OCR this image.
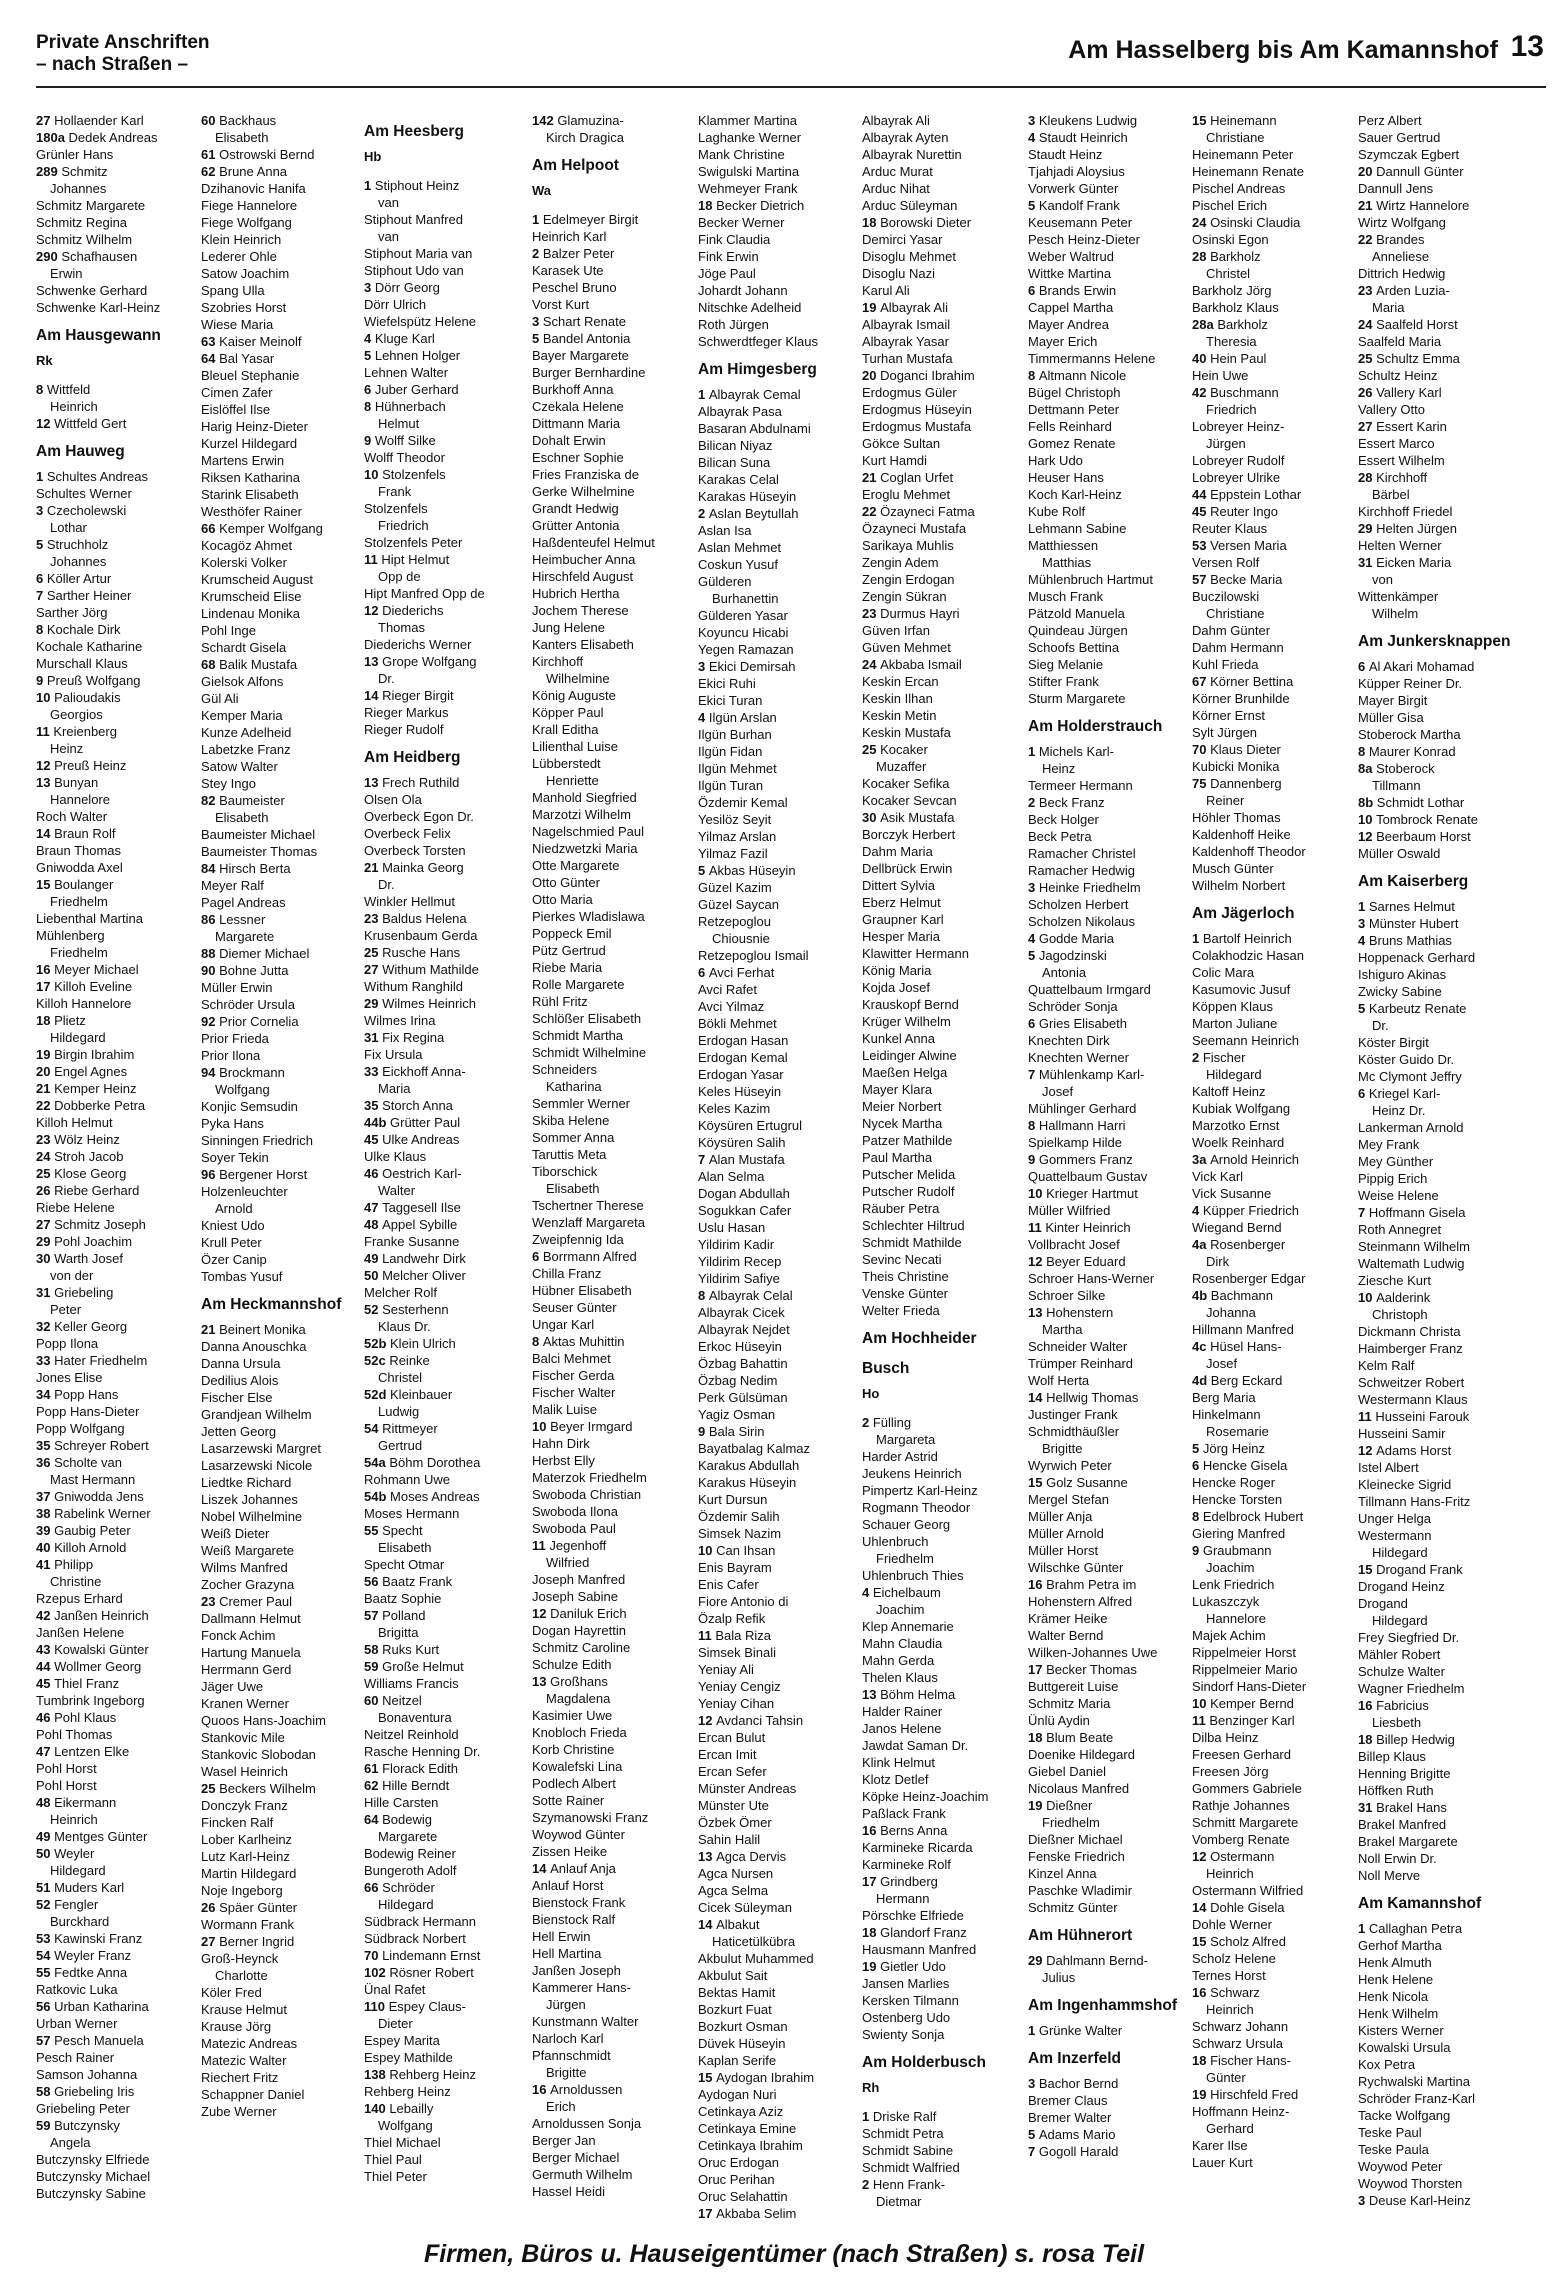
Private Anschriften
– nach Straßen –
Am Hasselberg bis Am Kamannshof 13
27 Hollaender Karl
180a Dedek Andreas
Grünler Hans
289 Schmitz
Johannes
Schmitz Margarete
Schmitz Regina
Schmitz Wilhelm
290 Schafhausen
Erwin
Schwenke Gerhard
Schwenke Karl-Heinz
Am Hausgewann
Rk
8 Wittfeld
Heinrich
12 Wittfeld Gert
Am Hauweg
1 Schultes Andreas
Schultes Werner
3 Czecholewski
Lothar
5 Struchholz
Johannes
6 Köller Artur
7 Sarther Heiner
Sarther Jörg
8 Kochale Dirk
Kochale Katharine
Murschall Klaus
9 Preuß Wolfgang
10 Palioudakis
Georgios
11 Kreienberg
Heinz
12 Preuß Heinz
13 Bunyan
Hannelore
Roch Walter
14 Braun Rolf
Braun Thomas
Gniwodda Axel
15 Boulanger
Friedhelm
Liebenthal Martina
Mühlenberg
Friedhelm
16 Meyer Michael
17 Killoh Eveline
Killoh Hannelore
18 Plietz
Hildegard
19 Birgin Ibrahim
20 Engel Agnes
21 Kemper Heinz
22 Dobberke Petra
Killoh Helmut
23 Wölz Heinz
24 Stroh Jacob
25 Klose Georg
26 Riebe Gerhard
Riebe Helene
27 Schmitz Joseph
29 Pohl Joachim
30 Warth Josef
von der
31 Griebeling
Peter
32 Keller Georg
Popp Ilona
33 Hater Friedhelm
Jones Elise
34 Popp Hans
Popp Hans-Dieter
Popp Wolfgang
35 Schreyer Robert
36 Scholte van
Mast Hermann
37 Gniwodda Jens
38 Rabelink Werner
39 Gaubig Peter
40 Killoh Arnold
41 Philipp
Christine
Rzepus Erhard
42 Janßen Heinrich
Janßen Helene
43 Kowalski Günter
44 Wollmer Georg
45 Thiel Franz
Tumbrink Ingeborg
46 Pohl Klaus
Pohl Thomas
47 Lentzen Elke
Pohl Horst
Pohl Horst
48 Eikermann
Heinrich
49 Mentges Günter
50 Weyler
Hildegard
51 Muders Karl
52 Fengler
Burckhard
53 Kawinski Franz
54 Weyler Franz
55 Fedtke Anna
Ratkovic Luka
56 Urban Katharina
Urban Werner
57 Pesch Manuela
Pesch Rainer
Samson Johanna
58 Griebeling Iris
Griebeling Peter
59 Butczynsky
Angela
Butczynsky Elfriede
Butczynsky Michael
Butczynsky Sabine
60 Backhaus
Elisabeth
61 Ostrowski Bernd
62 Brune Anna
Dzihanovic Hanifa
Fiege Hannelore
Fiege Wolfgang
Klein Heinrich
Lederer Ohle
Satow Joachim
Spang Ulla
Szobries Horst
Wiese Maria
63 Kaiser Meinolf
64 Bal Yasar
Bleuel Stephanie
Cimen Zafer
Eislöffel Ilse
Harig Heinz-Dieter
Kurzel Hildegard
Martens Erwin
Riksen Katharina
Starink Elisabeth
Westhöfer Rainer
66 Kemper Wolfgang
Kocagöz Ahmet
Kolerski Volker
Krumscheid August
Krumscheid Elise
Lindenau Monika
Pohl Inge
Schardt Gisela
68 Balik Mustafa
Gielsok Alfons
Gül Ali
Kemper Maria
Kunze Adelheid
Labetzke Franz
Satow Walter
Stey Ingo
82 Baumeister
Elisabeth
Baumeister Michael
Baumeister Thomas
84 Hirsch Berta
Meyer Ralf
Pagel Andreas
86 Lessner
Margarete
88 Diemer Michael
90 Bohne Jutta
Müller Erwin
Schröder Ursula
92 Prior Cornelia
Prior Frieda
Prior Ilona
94 Brockmann
Wolfgang
Konjic Semsudin
Pyka Hans
Sinningen Friedrich
Soyer Tekin
96 Bergener Horst
Holzenleuchter
Arnold
Kniest Udo
Krull Peter
Özer Canip
Tombas Yusuf
Am Heckmannshof
21 Beinert Monika
Danna Anouschka
Danna Ursula
Dedilius Alois
Fischer Else
Grandjean Wilhelm
Jetten Georg
Lasarzewski Margret
Lasarzewski Nicole
Liedtke Richard
Liszek Johannes
Nobel Wilhelmine
Weiß Dieter
Weiß Margarete
Wilms Manfred
Zocher Grazyna
23 Cremer Paul
Dallmann Helmut
Fonck Achim
Hartung Manuela
Herrmann Gerd
Jäger Uwe
Kranen Werner
Quoos Hans-Joachim
Stankovic Mile
Stankovic Slobodan
Wasel Heinrich
25 Beckers Wilhelm
Donczyk Franz
Fincken Ralf
Lober Karlheinz
Lutz Karl-Heinz
Martin Hildegard
Noje Ingeborg
26 Späer Günter
Wormann Frank
27 Berner Ingrid
Groß-Heynck
Charlotte
Köler Fred
Krause Helmut
Krause Jörg
Matezic Andreas
Matezic Walter
Riechert Fritz
Schappner Daniel
Zube Werner
Am Heesberg
Hb
1 Stiphout Heinz
van
Stiphout Manfred
van
Stiphout Maria van
Stiphout Udo van
3 Dörr Georg
Dörr Ulrich
Wiefelspütz Helene
4 Kluge Karl
5 Lehnen Holger
Lehnen Walter
6 Juber Gerhard
8 Hühnerbach
Helmut
9 Wolff Silke
Wolff Theodor
10 Stolzenfels
Frank
Stolzenfels
Friedrich
Stolzenfels Peter
11 Hipt Helmut
Opp de
Hipt Manfred Opp de
12 Diederichs
Thomas
Diederichs Werner
13 Grope Wolfgang
Dr.
14 Rieger Birgit
Rieger Markus
Rieger Rudolf
Am Heidberg
13 Frech Ruthild
Olsen Ola
Overbeck Egon Dr.
Overbeck Felix
Overbeck Torsten
21 Mainka Georg
Dr.
Winkler Hellmut
23 Baldus Helena
Krusenbaum Gerda
25 Rusche Hans
27 Withum Mathilde
Withum Ranghild
29 Wilmes Heinrich
Wilmes Irina
31 Fix Regina
Fix Ursula
33 Eickhoff Anna-
Maria
35 Storch Anna
44b Grütter Paul
45 Ulke Andreas
Ulke Klaus
46 Oestrich Karl-
Walter
47 Taggesell Ilse
48 Appel Sybille
Franke Susanne
49 Landwehr Dirk
50 Melcher Oliver
Melcher Rolf
52 Sesterhenn
Klaus Dr.
52b Klein Ulrich
52c Reinke
Christel
52d Kleinbauer
Ludwig
54 Rittmeyer
Gertrud
54a Böhm Dorothea
Rohmann Uwe
54b Moses Andreas
Moses Hermann
55 Specht
Elisabeth
Specht Otmar
56 Baatz Frank
Baatz Sophie
57 Polland
Brigitta
58 Ruks Kurt
59 Große Helmut
Williams Francis
60 Neitzel
Bonaventura
Neitzel Reinhold
Rasche Henning Dr.
61 Florack Edith
62 Hille Berndt
Hille Carsten
64 Bodewig
Margarete
Bodewig Reiner
Bungeroth Adolf
66 Schröder
Hildegard
Südbrack Hermann
Südbrack Norbert
70 Lindemann Ernst
102 Rösner Robert
Ünal Rafet
110 Espey Claus-
Dieter
Espey Marita
Espey Mathilde
138 Rehberg Heinz
Rehberg Heinz
140 Lebailly
Wolfgang
Thiel Michael
Thiel Paul
Thiel Peter
142 Glamuzina-
Kirch Dragica
Am Helpoot
Wa
1 Edelmeyer Birgit
Heinrich Karl
2 Balzer Peter
Karasek Ute
Peschel Bruno
Vorst Kurt
3 Schart Renate
5 Bandel Antonia
Bayer Margarete
Burger Bernhardine
Burkhoff Anna
Czekala Helene
Dittmann Maria
Dohalt Erwin
Eschner Sophie
Fries Franziska de
Gerke Wilhelmine
Grandt Hedwig
Grütter Antonia
Haßdenteufel Helmut
Heimbucher Anna
Hirschfeld August
Hubrich Hertha
Jochem Therese
Jung Helene
Kanters Elisabeth
Kirchhoff
Wilhelmine
König Auguste
Köpper Paul
Krall Editha
Lilienthal Luise
Lübberstedt
Henriette
Manhold Siegfried
Marzotzi Wilhelm
Nagelschmied Paul
Niedzwetzki Maria
Otte Margarete
Otto Günter
Otto Maria
Pierkes Wladislawa
Poppeck Emil
Pütz Gertrud
Riebe Maria
Rolle Margarete
Rühl Fritz
Schlößer Elisabeth
Schmidt Martha
Schmidt Wilhelmine
Schneiders
Katharina
Semmler Werner
Skiba Helene
Sommer Anna
Taruttis Meta
Tiborschick
Elisabeth
Tschertner Therese
Wenzlaff Margareta
Zweipfennig Ida
6 Borrmann Alfred
Chilla Franz
Hübner Elisabeth
Seuser Günter
Ungar Karl
8 Aktas Muhittin
Balci Mehmet
Fischer Gerda
Fischer Walter
Malik Luise
10 Beyer Irmgard
Hahn Dirk
Herbst Elly
Materzok Friedhelm
Swoboda Christian
Swoboda Ilona
Swoboda Paul
11 Jegenhoff
Wilfried
Joseph Manfred
Joseph Sabine
12 Daniluk Erich
Dogan Hayrettin
Schmitz Caroline
Schulze Edith
13 Großhans
Magdalena
Kasimier Uwe
Knobloch Frieda
Korb Christine
Kowalefski Lina
Podlech Albert
Sotte Rainer
Szymanowski Franz
Woywod Günter
Zissen Heike
14 Anlauf Anja
Anlauf Horst
Bienstock Frank
Bienstock Ralf
Hell Erwin
Hell Martina
Janßen Joseph
Kammerer Hans-
Jürgen
Kunstmann Walter
Narloch Karl
Pfannschmidt
Brigitte
16 Arnoldussen
Erich
Arnoldussen Sonja
Berger Jan
Berger Michael
Germuth Wilhelm
Hassel Heidi
Klammer Martina
Laghanke Werner
Mank Christine
Swigulski Martina
Wehmeyer Frank
18 Becker Dietrich
Becker Werner
Fink Claudia
Fink Erwin
Jöge Paul
Johardt Johann
Nitschke Adelheid
Roth Jürgen
Schwerdtfeger Klaus
Am Himgesberg
1 Albayrak Cemal
Albayrak Pasa
Basaran Abdulnami
Bilican Niyaz
Bilican Suna
Karakas Celal
Karakas Hüseyin
2 Aslan Beytullah
Aslan Isa
Aslan Mehmet
Coskun Yusuf
Gülderen
Burhanettin
Gülderen Yasar
Koyuncu Hicabi
Yegen Ramazan
3 Ekici Demirsah
Ekici Ruhi
Ekici Turan
4 Ilgün Arslan
Ilgün Burhan
Ilgün Fidan
Ilgün Mehmet
Ilgün Turan
Özdemir Kemal
Yesilöz Seyit
Yilmaz Arslan
Yilmaz Fazil
5 Akbas Hüseyin
Güzel Kazim
Güzel Saycan
Retzepoglou
Chiousnie
Retzepoglou Ismail
6 Avci Ferhat
Avci Rafet
Avci Yilmaz
Bökli Mehmet
Erdogan Hasan
Erdogan Kemal
Erdogan Yasar
Keles Hüseyin
Keles Kazim
Köysüren Ertugrul
Köysüren Salih
7 Alan Mustafa
Alan Selma
Dogan Abdullah
Sogukkan Cafer
Uslu Hasan
Yildirim Kadir
Yildirim Recep
Yildirim Safiye
8 Albayrak Celal
Albayrak Cicek
Albayrak Nejdet
Erkoc Hüseyin
Özbag Bahattin
Özbag Nedim
Perk Gülsüman
Yagiz Osman
9 Bala Sirin
Bayatbalag Kalmaz
Karakus Abdullah
Karakus Hüseyin
Kurt Dursun
Özdemir Salih
Simsek Nazim
10 Can Ihsan
Enis Bayram
Enis Cafer
Fiore Antonio di
Özalp Refik
11 Bala Riza
Simsek Binali
Yeniay Ali
Yeniay Cengiz
Yeniay Cihan
12 Avdanci Tahsin
Ercan Bulut
Ercan Imit
Ercan Sefer
Münster Andreas
Münster Ute
Özbek Ömer
Sahin Halil
13 Agca Dervis
Agca Nursen
Agca Selma
Cicek Süleyman
14 Albakut
Haticetülkübra
Akbulut Muhammed
Akbulut Sait
Bektas Hamit
Bozkurt Fuat
Bozkurt Osman
Düvek Hüseyin
Kaplan Serife
15 Aydogan Ibrahim
Aydogan Nuri
Cetinkaya Aziz
Cetinkaya Emine
Cetinkaya Ibrahim
Oruc Erdogan
Oruc Perihan
Oruc Selahattin
17 Akbaba Selim
Albayrak Ali
Albayrak Ayten
Albayrak Nurettin
Arduc Murat
Arduc Nihat
Arduc Süleyman
18 Borowski Dieter
Demirci Yasar
Disoglu Mehmet
Disoglu Nazi
Karul Ali
19 Albayrak Ali
Albayrak Ismail
Albayrak Yasar
Turhan Mustafa
20 Doganci Ibrahim
Erdogmus Güler
Erdogmus Hüseyin
Erdogmus Mustafa
Gökce Sultan
Kurt Hamdi
21 Coglan Urfet
Eroglu Mehmet
22 Özayneci Fatma
Özayneci Mustafa
Sarikaya Muhlis
Zengin Adem
Zengin Erdogan
Zengin Sükran
23 Durmus Hayri
Güven Irfan
Güven Mehmet
24 Akbaba Ismail
Keskin Ercan
Keskin Ilhan
Keskin Metin
Keskin Mustafa
25 Kocaker
Muzaffer
Kocaker Sefika
Kocaker Sevcan
30 Asik Mustafa
Borczyk Herbert
Dahm Maria
Dellbrück Erwin
Dittert Sylvia
Eberz Helmut
Graupner Karl
Hesper Maria
Klawitter Hermann
König Maria
Kojda Josef
Krauskopf Bernd
Krüger Wilhelm
Kunkel Anna
Leidinger Alwine
Maeßen Helga
Mayer Klara
Meier Norbert
Nycek Martha
Patzer Mathilde
Paul Martha
Putscher Melida
Putscher Rudolf
Räuber Petra
Schlechter Hiltrud
Schmidt Mathilde
Sevinc Necati
Theis Christine
Venske Günter
Welter Frieda
Am Hochheider
Busch
Ho
2 Fülling
Margareta
Harder Astrid
Jeukens Heinrich
Pimpertz Karl-Heinz
Rogmann Theodor
Schauer Georg
Uhlenbruch
Friedhelm
Uhlenbruch Thies
4 Eichelbaum
Joachim
Klep Annemarie
Mahn Claudia
Mahn Gerda
Thelen Klaus
13 Böhm Helma
Halder Rainer
Janos Helene
Jawdat Saman Dr.
Klink Helmut
Klotz Detlef
Köpke Heinz-Joachim
Paßlack Frank
16 Berns Anna
Karmineke Ricarda
Karmineke Rolf
17 Grindberg
Hermann
Pörschke Elfriede
18 Glandorf Franz
Hausmann Manfred
19 Gietler Udo
Jansen Marlies
Kersken Tilmann
Ostenberg Udo
Swienty Sonja
Am Holderbusch
Rh
1 Driske Ralf
Schmidt Petra
Schmidt Sabine
Schmidt Walfried
2 Henn Frank-
Dietmar
3 Kleukens Ludwig
4 Staudt Heinrich
Staudt Heinz
Tjahjadi Aloysius
Vorwerk Günter
5 Kandolf Frank
Keusemann Peter
Pesch Heinz-Dieter
Weber Waltrud
Wittke Martina
6 Brands Erwin
Cappel Martha
Mayer Andrea
Mayer Erich
Timmermanns Helene
8 Altmann Nicole
Bügel Christoph
Dettmann Peter
Fells Reinhard
Gomez Renate
Hark Udo
Heuser Hans
Koch Karl-Heinz
Kube Rolf
Lehmann Sabine
Matthiessen
Matthias
Mühlenbruch Hartmut
Musch Frank
Pätzold Manuela
Quindeau Jürgen
Schoofs Bettina
Sieg Melanie
Stifter Frank
Sturm Margarete
Am Holderstrauch
1 Michels Karl-
Heinz
Termeer Hermann
2 Beck Franz
Beck Holger
Beck Petra
Ramacher Christel
Ramacher Hedwig
3 Heinke Friedhelm
Scholzen Herbert
Scholzen Nikolaus
4 Godde Maria
5 Jagodzinski
Antonia
Quattelbaum Irmgard
Schröder Sonja
6 Gries Elisabeth
Knechten Dirk
Knechten Werner
7 Mühlenkamp Karl-
Josef
Mühlinger Gerhard
8 Hallmann Harri
Spielkamp Hilde
9 Gommers Franz
Quattelbaum Gustav
10 Krieger Hartmut
Müller Wilfried
11 Kinter Heinrich
Vollbracht Josef
12 Beyer Eduard
Schroer Hans-Werner
Schroer Silke
13 Hohenstern
Martha
Schneider Walter
Trümper Reinhard
Wolf Herta
14 Hellwig Thomas
Justinger Frank
Schmidthäußler
Brigitte
Wyrwich Peter
15 Golz Susanne
Mergel Stefan
Müller Anja
Müller Arnold
Müller Horst
Wilschke Günter
16 Brahm Petra im
Hohenstern Alfred
Krämer Heike
Walter Bernd
Wilken-Johannes Uwe
17 Becker Thomas
Buttgereit Luise
Schmitz Maria
Ünlü Aydin
18 Blum Beate
Doenike Hildegard
Giebel Daniel
Nicolaus Manfred
19 Dießner
Friedhelm
Dießner Michael
Fenske Friedrich
Kinzel Anna
Paschke Wladimir
Schmitz Günter
Am Hühnerort
29 Dahlmann Bernd-
Julius
Am Ingenhammshof
1 Grünke Walter
Am Inzerfeld
3 Bachor Bernd
Bremer Claus
Bremer Walter
5 Adams Mario
7 Gogoll Harald
15 Heinemann
Christiane
Heinemann Peter
Heinemann Renate
Pischel Andreas
Pischel Erich
24 Osinski Claudia
Osinski Egon
28 Barkholz
Christel
Barkholz Jörg
Barkholz Klaus
28a Barkholz
Theresia
40 Hein Paul
Hein Uwe
42 Buschmann
Friedrich
Lobreyer Heinz-
Jürgen
Lobreyer Rudolf
Lobreyer Ulrike
44 Eppstein Lothar
45 Reuter Ingo
Reuter Klaus
53 Versen Maria
Versen Rolf
57 Becke Maria
Buczilowski
Christiane
Dahm Günter
Dahm Hermann
Kuhl Frieda
67 Körner Bettina
Körner Brunhilde
Körner Ernst
Sylt Jürgen
70 Klaus Dieter
Kubicki Monika
75 Dannenberg
Reiner
Höhler Thomas
Kaldenhoff Heike
Kaldenhoff Theodor
Musch Günter
Wilhelm Norbert
Am Jägerloch
1 Bartolf Heinrich
Colakhodzic Hasan
Colic Mara
Kasumovic Jusuf
Köppen Klaus
Marton Juliane
Seemann Heinrich
2 Fischer
Hildegard
Kaltoff Heinz
Kubiak Wolfgang
Marzotko Ernst
Woelk Reinhard
3a Arnold Heinrich
Vick Karl
Vick Susanne
4 Küpper Friedrich
Wiegand Bernd
4a Rosenberger
Dirk
Rosenberger Edgar
4b Bachmann
Johanna
Hillmann Manfred
4c Hüsel Hans-
Josef
4d Berg Eckard
Berg Maria
Hinkelmann
Rosemarie
5 Jörg Heinz
6 Hencke Gisela
Hencke Roger
Hencke Torsten
8 Edelbrock Hubert
Giering Manfred
9 Graubmann
Joachim
Lenk Friedrich
Lukaszczyk
Hannelore
Majek Achim
Rippelmeier Horst
Rippelmeier Mario
Sindorf Hans-Dieter
10 Kemper Bernd
11 Benzinger Karl
Dilba Heinz
Freesen Gerhard
Freesen Jörg
Gommers Gabriele
Rathje Johannes
Schmitt Margarete
Vomberg Renate
12 Ostermann
Heinrich
Ostermann Wilfried
14 Dohle Gisela
Dohle Werner
15 Scholz Alfred
Scholz Helene
Ternes Horst
16 Schwarz
Heinrich
Schwarz Johann
Schwarz Ursula
18 Fischer Hans-
Günter
19 Hirschfeld Fred
Hoffmann Heinz-
Gerhard
Karer Ilse
Lauer Kurt
Perz Albert
Sauer Gertrud
Szymczak Egbert
20 Dannull Günter
Dannull Jens
21 Wirtz Hannelore
Wirtz Wolfgang
22 Brandes
Anneliese
Dittrich Hedwig
23 Arden Luzia-
Maria
24 Saalfeld Horst
Saalfeld Maria
25 Schultz Emma
Schultz Heinz
26 Vallery Karl
Vallery Otto
27 Essert Karin
Essert Marco
Essert Wilhelm
28 Kirchhoff
Bärbel
Kirchhoff Friedel
29 Helten Jürgen
Helten Werner
31 Eicken Maria
von
Wittenkämper
Wilhelm
Am Junkersknappen
6 Al Akari Mohamad
Küpper Reiner Dr.
Mayer Birgit
Müller Gisa
Stoberock Martha
8 Maurer Konrad
8a Stoberock
Tillmann
8b Schmidt Lothar
10 Tombrock Renate
12 Beerbaum Horst
Müller Oswald
Am Kaiserberg
1 Sarnes Helmut
3 Münster Hubert
4 Bruns Mathias
Hoppenack Gerhard
Ishiguro Akinas
Zwicky Sabine
5 Karbeutz Renate
Dr.
Köster Birgit
Köster Guido Dr.
Mc Clymont Jeffry
6 Kriegel Karl-
Heinz Dr.
Lankerman Arnold
Mey Frank
Mey Günther
Pippig Erich
Weise Helene
7 Hoffmann Gisela
Roth Annegret
Steinmann Wilhelm
Waltemath Ludwig
Ziesche Kurt
10 Aalderink
Christoph
Dickmann Christa
Haimberger Franz
Kelm Ralf
Schweitzer Robert
Westermann Klaus
11 Husseini Farouk
Husseini Samir
12 Adams Horst
Istel Albert
Kleinecke Sigrid
Tillmann Hans-Fritz
Unger Helga
Westermann
Hildegard
15 Drogand Frank
Drogand Heinz
Drogand
Hildegard
Frey Siegfried Dr.
Mähler Robert
Schulze Walter
Wagner Friedhelm
16 Fabricius
Liesbeth
18 Billep Hedwig
Billep Klaus
Henning Brigitte
Höffken Ruth
31 Brakel Hans
Brakel Manfred
Brakel Margarete
Noll Erwin Dr.
Noll Merve
Am Kamannshof
1 Callaghan Petra
Gerhof Martha
Henk Almuth
Henk Helene
Henk Nicola
Henk Wilhelm
Kisters Werner
Kowalski Ursula
Kox Petra
Rychwalski Martina
Schröder Franz-Karl
Tacke Wolfgang
Teske Paul
Teske Paula
Woywod Peter
Woywod Thorsten
3 Deuse Karl-Heinz
Firmen, Büros u. Hauseigentümer (nach Straßen) s. rosa Teil
